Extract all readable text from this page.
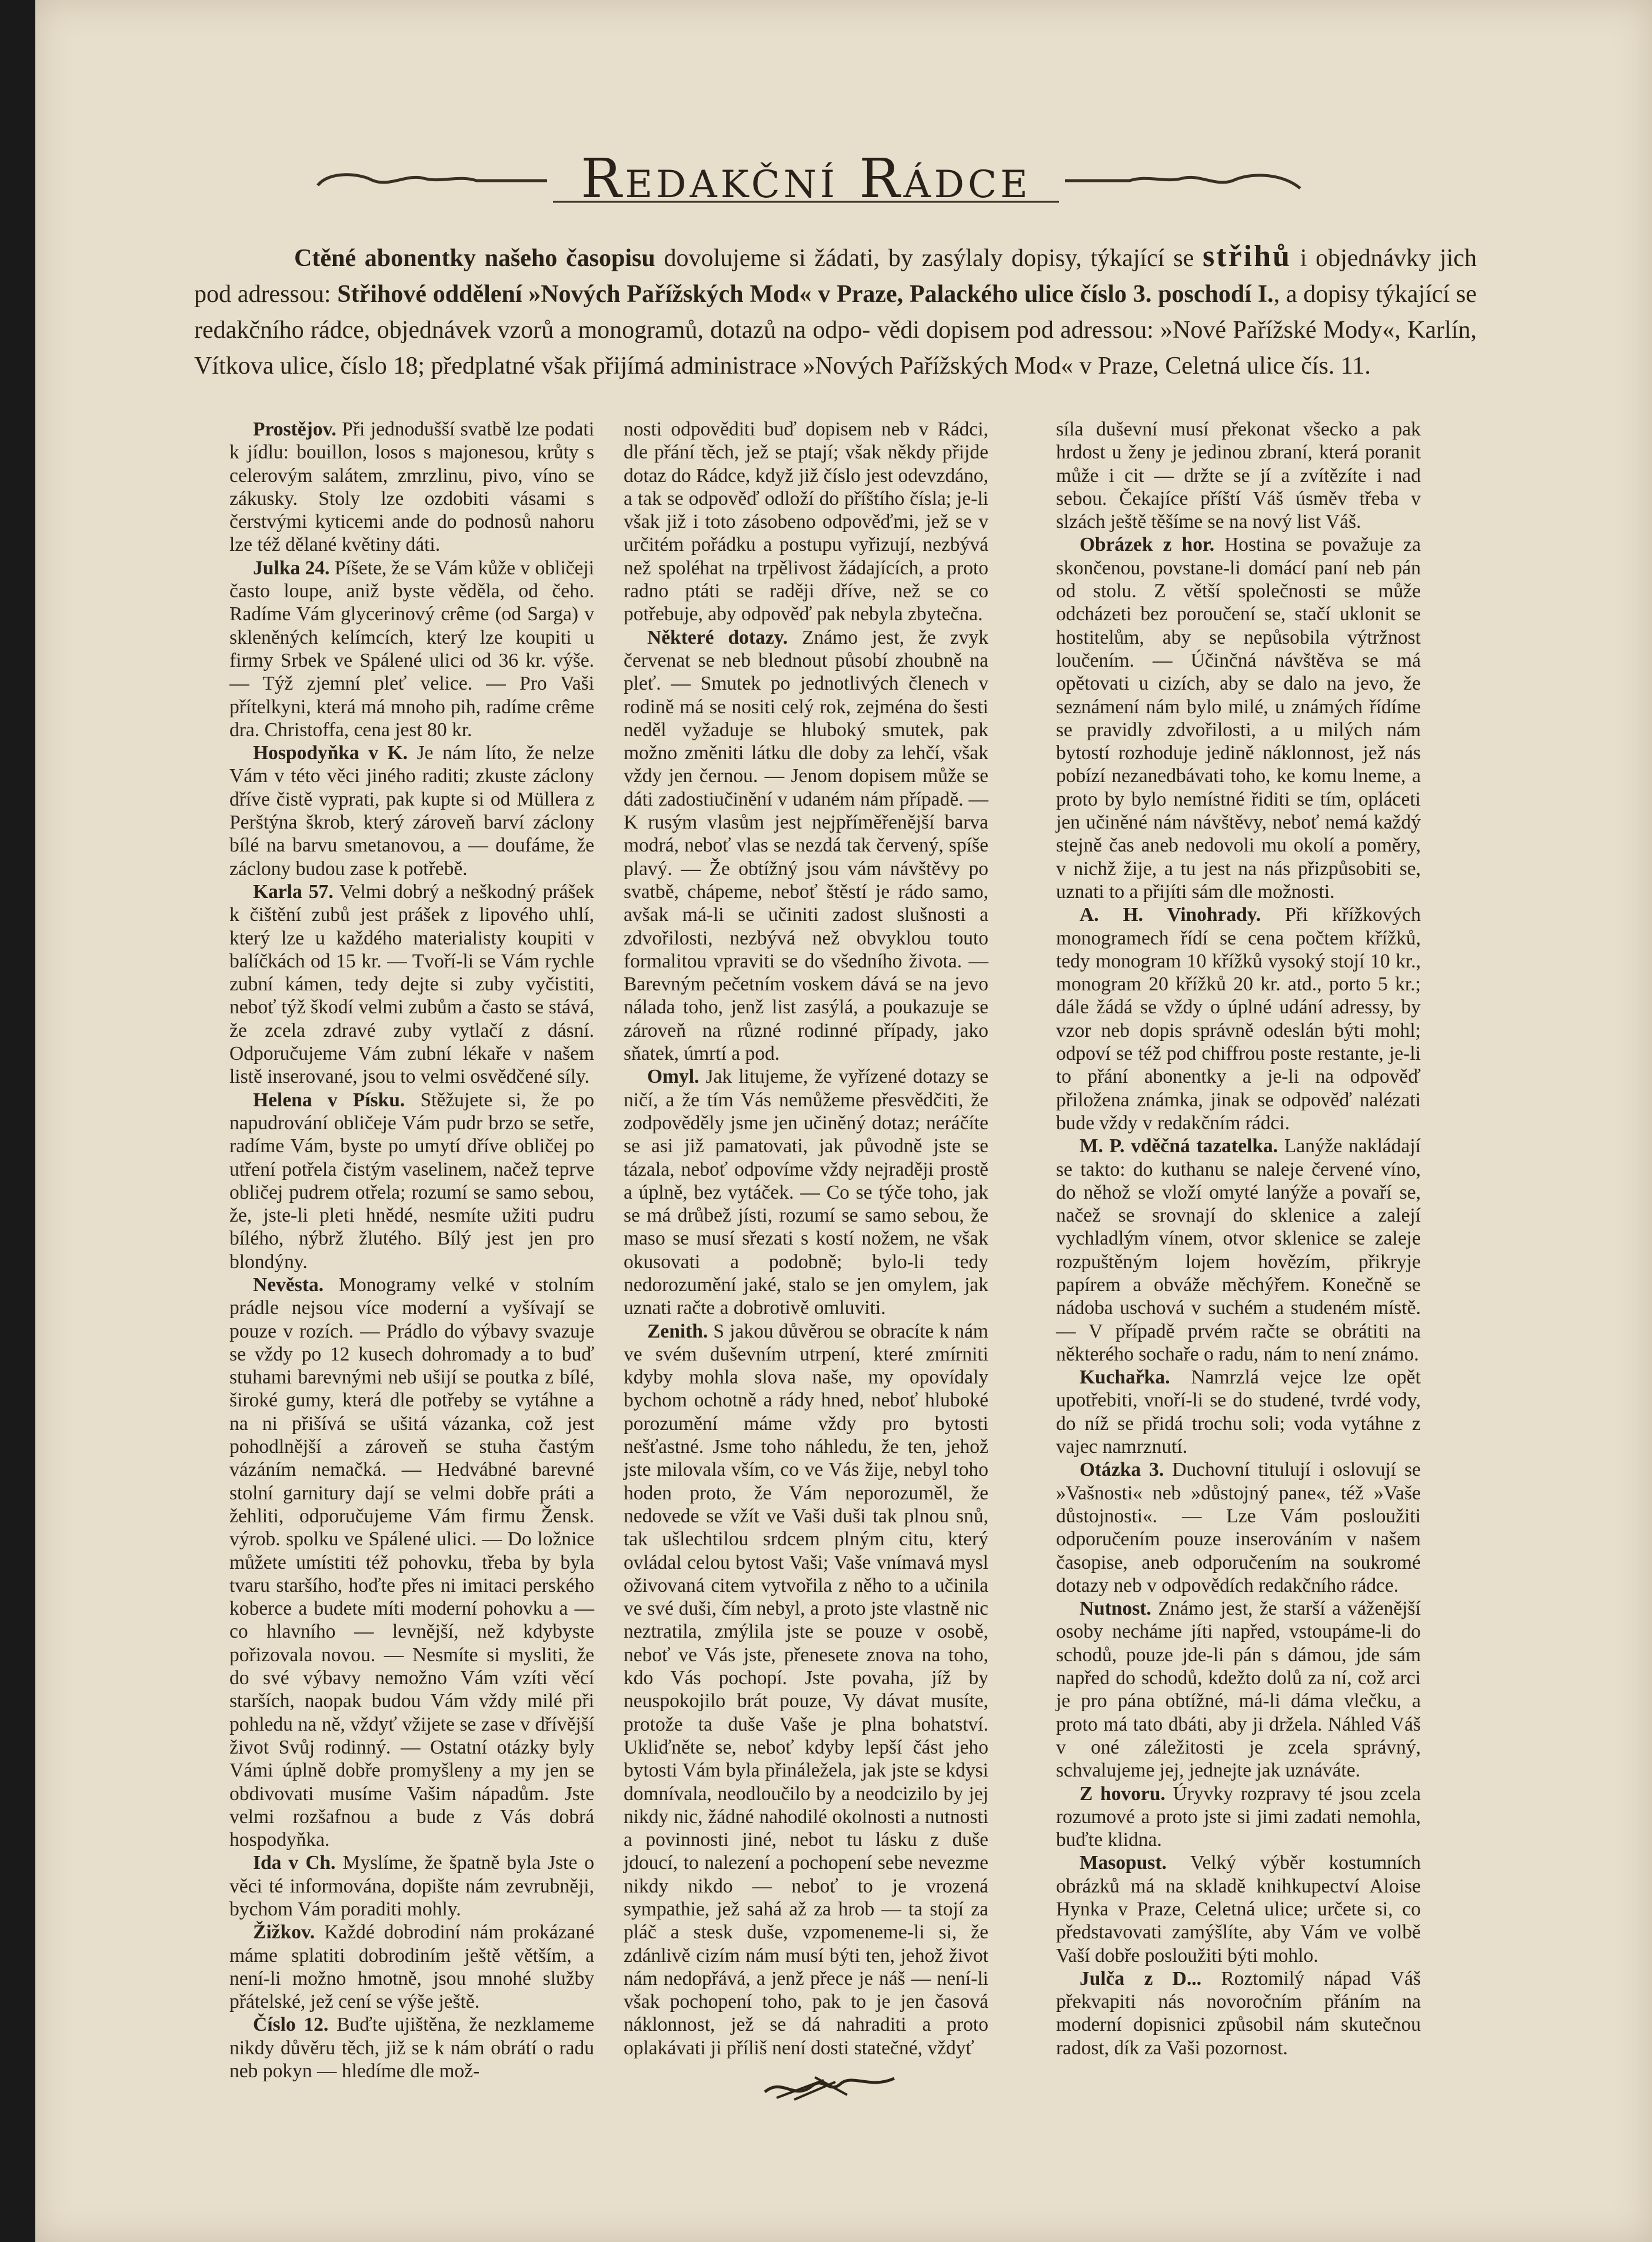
Redakční Rádce
Ctěné abonentky našeho časopisu dovolujeme si žádati, by zasýlaly dopisy, týkající se střihů i objednávky jich pod adressou: Střihové oddělení »Nových Pařížských Mod« v Praze, Palackého ulice číslo 3. poschodí I., a dopisy týkající se redakčního rádce, objednávek vzorů a monogramů, dotazů na odpo- vědi dopisem pod adressou: »Nové Pařížské Mody«, Karlín, Vítkova ulice, číslo 18; předplatné však přijímá administrace »Nových Pařížských Mod« v Praze, Celetná ulice čís. 11.

Prostějov. Při jednodušší svatbě lze podati k jídlu: bouillon, losos s majonesou, krůty s celerovým salátem, zmrzlinu, pivo, víno se zákusky. Stoly lze ozdobiti vásami s čerstvými kyticemi ande do podnosů nahoru lze též dělané květiny dáti.

Julka 24. Píšete, že se Vám kůže v obličeji často loupe, aniž byste věděla, od čeho. Radíme Vám glycerinový crême (od Sarga) v skleněných kelímcích, který lze koupiti u firmy Srbek ve Spálené ulici od 36 kr. výše. — Týž zjemní pleť velice. — Pro Vaši přítelkyni, která má mnoho pih, radíme crême dra. Christoffa, cena jest 80 kr.

Hospodyňka v K. Je nám líto, že nelze Vám v této věci jiného raditi; zkuste záclony dříve čistě vyprati, pak kupte si od Müllera z Perštýna škrob, který zároveň barví záclony bílé na barvu smetanovou, a — doufáme, že záclony budou zase k potřebě.

Karla 57. Velmi dobrý a neškodný prášek k čištění zubů jest prášek z lipového uhlí, který lze u každého materialisty koupiti v balíčkách od 15 kr. — Tvoří-li se Vám rychle zubní kámen, tedy dejte si zuby vyčistiti, neboť týž škodí velmi zubům a často se stává, že zcela zdravé zuby vytlačí z dásní. Odporučujeme Vám zubní lékaře v našem listě inserované, jsou to velmi osvědčené síly.

Helena v Písku. Stěžujete si, že po napudrování obličeje Vám pudr brzo se setře, radíme Vám, byste po umytí dříve obličej po utření potřela čistým vaselinem, načež teprve obličej pudrem otřela; rozumí se samo sebou, že, jste-li pleti hnědé, nesmíte užiti pudru bílého, nýbrž žlutého. Bílý jest jen pro blondýny.

Nevěsta. Monogramy velké v stolním prádle nejsou více moderní a vyšívají se pouze v rozích. — Prádlo do výbavy svazuje se vždy po 12 kusech dohromady a to buď stuhami barevnými neb ušijí se poutka z bílé, široké gumy, která dle potřeby se vytáhne a na ni přišívá se ušitá vázanka, což jest pohodlnější a zároveň se stuha častým vázáním nemačká. — Hedvábné barevné stolní garnitury dají se velmi dobře práti a žehliti, odporučujeme Vám firmu Žensk. výrob. spolku ve Spálené ulici. — Do ložnice můžete umístiti též pohovku, třeba by byla tvaru staršího, hoďte přes ni imitaci perského koberce a budete míti moderní pohovku a — co hlavního — levnější, než kdybyste pořizovala novou. — Nesmíte si mysliti, že do své výbavy nemožno Vám vzíti věcí starších, naopak budou Vám vždy milé při pohledu na ně, vždyť vžijete se zase v dřívější život Svůj rodinný. — Ostatní otázky byly Vámi úplně dobře promyšleny a my jen se obdivovati musíme Vašim nápadům. Jste velmi rozšafnou a bude z Vás dobrá hospodyňka.

Ida v Ch. Myslíme, že špatně byla Jste o věci té informována, dopište nám zevrubněji, bychom Vám poraditi mohly.

Žižkov. Každé dobrodiní nám prokázané máme splatiti dobrodiním ještě větším, a není-li možno hmotně, jsou mnohé služby přátelské, jež cení se výše ještě.

Číslo 12. Buďte ujištěna, že nezklameme nikdy důvěru těch, již se k nám obrátí o radu neb pokyn — hledíme dle mož-

nosti odpověditi buď dopisem neb v Rádci, dle přání těch, jež se ptají; však někdy přijde dotaz do Rádce, když již číslo jest odevzdáno, a tak se odpověď odloží do příštího čísla; je-li však již i toto zásobeno odpověďmi, jež se v určitém pořádku a postupu vyřizují, nezbývá než spoléhat na trpělivost žádajících, a proto radno ptáti se raději dříve, než se co potřebuje, aby odpověď pak nebyla zbytečna.

Některé dotazy. Známo jest, že zvyk červenat se neb blednout působí zhoubně na pleť. — Smutek po jednotlivých členech v rodině má se nositi celý rok, zejména do šesti neděl vyžaduje se hluboký smutek, pak možno změniti látku dle doby za lehčí, však vždy jen černou. — Jenom dopisem může se dáti zadostiučinění v udaném nám případě. — K rusým vlasům jest nejpříměřenější barva modrá, neboť vlas se nezdá tak červený, spíše plavý. — Že obtížný jsou vám návštěvy po svatbě, chápeme, neboť štěstí je rádo samo, avšak má-li se učiniti zadost slušnosti a zdvořilosti, nezbývá než obvyklou touto formalitou vpraviti se do všedního života. — Barevným pečetním voskem dává se na jevo nálada toho, jenž list zasýlá, a poukazuje se zároveň na různé rodinné případy, jako sňatek, úmrtí a pod.

Omyl. Jak litujeme, že vyřízené dotazy se ničí, a že tím Vás nemůžeme přesvědčiti, že zodpověděly jsme jen učiněný dotaz; neráčíte se asi již pamatovati, jak původně jste se tázala, neboť odpovíme vždy nejraději prostě a úplně, bez vytáček. — Co se týče toho, jak se má drůbež jísti, rozumí se samo sebou, že maso se musí sřezati s kostí nožem, ne však okusovati a podobně; bylo-li tedy nedorozumění jaké, stalo se jen omylem, jak uznati račte a dobrotivě omluviti.

Zenith. S jakou důvěrou se obracíte k nám ve svém duševním utrpení, které zmírniti kdyby mohla slova naše, my opovídaly bychom ochotně a rády hned, neboť hluboké porozumění máme vždy pro bytosti nešťastné. Jsme toho náhledu, že ten, jehož jste milovala vším, co ve Vás žije, nebyl toho hoden proto, že Vám neporozuměl, že nedovede se vžít ve Vaši duši tak plnou snů, tak ušlechtilou srdcem plným citu, který ovládal celou bytost Vaši; Vaše vnímavá mysl oživovaná citem vytvořila z něho to a učinila ve své duši, čím nebyl, a proto jste vlastně nic neztratila, zmýlila jste se pouze v osobě, neboť ve Vás jste, přenesete znova na toho, kdo Vás pochopí. Jste povaha, jíž by neuspokojilo brát pouze, Vy dávat musíte, protože ta duše Vaše je plna bohatství. Ukliďněte se, neboť kdyby lepší část jeho bytosti Vám byla přináležela, jak jste se kdysi domnívala, neodloučilo by a neodcizilo by jej nikdy nic, žádné nahodilé okolnosti a nutnosti a povinnosti jiné, nebot tu lásku z duše jdoucí, to nalezení a pochopení sebe nevezme nikdy nikdo — neboť to je vrozená sympathie, jež sahá až za hrob — ta stojí za pláč a stesk duše, vzpomeneme-li si, že zdánlivě cizím nám musí býti ten, jehož život nám nedopřává, a jenž přece je náš — není-li však pochopení toho, pak to je jen časová náklonnost, jež se dá nahraditi a proto oplakávati ji příliš není dosti statečné, vždyť

síla duševní musí překonat všecko a pak hrdost u ženy je jedinou zbraní, která poranit může i cit — držte se jí a zvítězíte i nad sebou. Čekajíce příští Váš úsměv třeba v slzách ještě těšíme se na nový list Váš.

Obrázek z hor. Hostina se považuje za skončenou, povstane-li domácí paní neb pán od stolu. Z větší společnosti se může odcházeti bez poroučení se, stačí uklonit se hostitelům, aby se nepůsobila výtržnost loučením. — Účinčná návštěva se má opětovati u cizích, aby se dalo na jevo, že seznámení nám bylo milé, u známých řídíme se pravidly zdvořilosti, a u milých nám bytostí rozhoduje jedině náklonnost, jež nás pobízí nezanedbávati toho, ke komu lneme, a proto by bylo nemístné řiditi se tím, opláceti jen učiněné nám návštěvy, neboť nemá každý stejně čas aneb nedovoli mu okolí a poměry, v nichž žije, a tu jest na nás přizpůsobiti se, uznati to a přijíti sám dle možnosti.

A. H. Vinohrady. Při křížkových monogramech řídí se cena počtem křížků, tedy monogram 10 křížků vysoký stojí 10 kr., monogram 20 křížků 20 kr. atd., porto 5 kr.; dále žádá se vždy o úplné udání adressy, by vzor neb dopis správně odeslán býti mohl; odpoví se též pod chiffrou poste restante, je-li to přání abonentky a je-li na odpověď přiložena známka, jinak se odpověď nalézati bude vždy v redakčním rádci.

M. P. vděčná tazatelka. Lanýže nakládají se takto: do kuthanu se naleje červené víno, do něhož se vloží omyté lanýže a povaří se, načež se srovnají do sklenice a zalejí vychladlým vínem, otvor sklenice se zaleje rozpuštěným lojem hovězím, přikryje papírem a obváže měchýřem. Konečně se nádoba uschová v suchém a studeném místě. — V případě prvém račte se obrátiti na některého sochaře o radu, nám to není známo.

Kuchařka. Namrzlá vejce lze opět upotřebiti, vnoří-li se do studené, tvrdé vody, do níž se přidá trochu soli; voda vytáhne z vajec namrznutí.

Otázka 3. Duchovní titulují i oslovují se »Vašnosti« neb »důstojný pane«, též »Vaše důstojnosti«. — Lze Vám posloužiti odporučením pouze inserováním v našem časopise, aneb odporučením na soukromé dotazy neb v odpovědích redakčního rádce.

Nutnost. Známo jest, že starší a váženější osoby necháme jíti napřed, vstoupáme-li do schodů, pouze jde-li pán s dámou, jde sám napřed do schodů, kdežto dolů za ní, což arci je pro pána obtížné, má-li dáma vlečku, a proto má tato dbáti, aby ji držela. Náhled Váš v oné záležitosti je zcela správný, schvalujeme jej, jednejte jak uznáváte.

Z hovoru. Úryvky rozpravy té jsou zcela rozumové a proto jste si jimi zadati nemohla, buďte klidna.

Masopust. Velký výběr kostumních obrázků má na skladě knihkupectví Aloise Hynka v Praze, Celetná ulice; určete si, co představovati zamýšlíte, aby Vám ve volbě Vaší dobře posloužiti býti mohlo.

Julča z D... Roztomilý nápad Váš překvapiti nás novoročním přáním na moderní dopisnici způsobil nám skutečnou radost, dík za Vaši pozornost.
